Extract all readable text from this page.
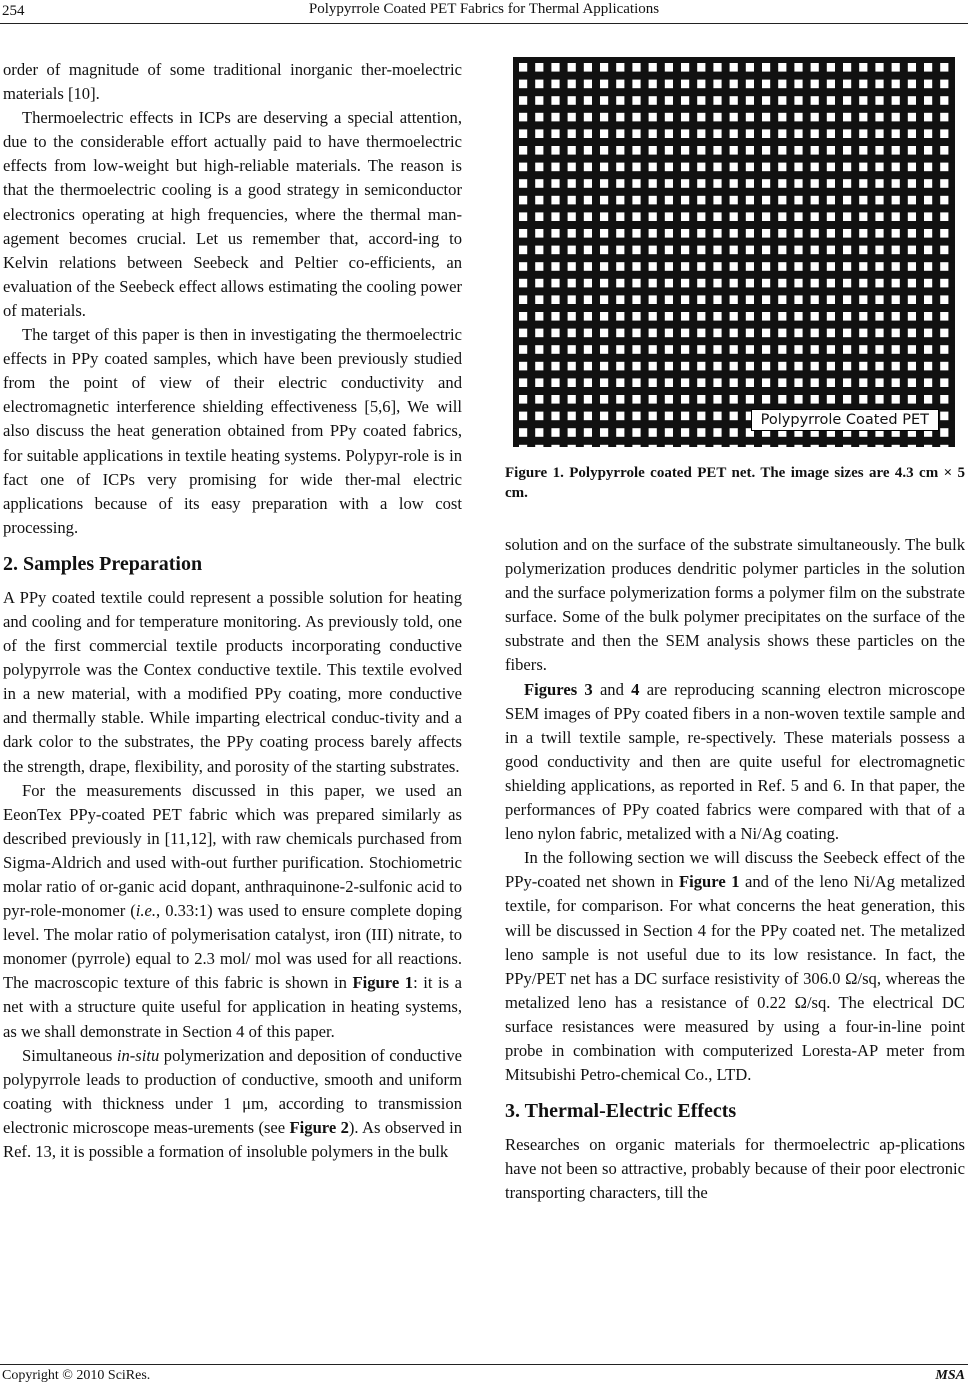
254	Polypyrrole Coated PET Fabrics for Thermal Applications

order of magnitude of some traditional inorganic ther-moelectric materials [10].

Thermoelectric effects in ICPs are deserving a special attention, due to the considerable effort actually paid to have thermoelectric effects from low-weight but high-reliable materials. The reason is that the thermoelectric cooling is a good strategy in semiconductor electronics operating at high frequencies, where the thermal man-agement becomes crucial. Let us remember that, accord-ing to Kelvin relations between Seebeck and Peltier co-efficients, an evaluation of the Seebeck effect allows estimating the cooling power of materials.

The target of this paper is then in investigating the thermoelectric effects in PPy coated samples, which have been previously studied from the point of view of their electric conductivity and electromagnetic interference shielding effectiveness [5,6], We will also discuss the heat generation obtained from PPy coated fabrics, for suitable applications in textile heating systems. Polypyr-role is in fact one of ICPs very promising for wide ther-mal electric applications because of its easy preparation with a low cost processing.

2. Samples Preparation

A PPy coated textile could represent a possible solution for heating and cooling and for temperature monitoring. As previously told, one of the first commercial textile products incorporating conductive polypyrrole was the Contex conductive textile. This textile evolved in a new material, with a modified PPy coating, more conductive and thermally stable. While imparting electrical conduc-tivity and a dark color to the substrates, the PPy coating process barely affects the strength, drape, flexibility, and porosity of the starting substrates.

For the measurements discussed in this paper, we used an EeonTex PPy-coated PET fabric which was prepared similarly as described previously in [11,12], with raw chemicals purchased from Sigma-Aldrich and used with-out further purification. Stochiometric molar ratio of or-ganic acid dopant, anthraquinone-2-sulfonic acid to pyr-role-monomer (i.e., 0.33:1) was used to ensure complete doping level. The molar ratio of polymerisation catalyst, iron (III) nitrate, to monomer (pyrrole) equal to 2.3 mol/ mol was used for all reactions. The macroscopic texture of this fabric is shown in Figure 1: it is a net with a structure quite useful for application in heating systems, as we shall demonstrate in Section 4 of this paper.

Simultaneous in-situ polymerization and deposition of conductive polypyrrole leads to production of conductive, smooth and uniform coating with thickness under 1 μm, according to transmission electronic microscope meas-urements (see Figure 2). As observed in Ref. 13, it is possible a formation of insoluble polymers in the bulk

Polypyrrole Coated PET
Figure 1. Polypyrrole coated PET net. The image sizes are 4.3 cm × 5 cm.

solution and on the surface of the substrate simultaneously. The bulk polymerization produces dendritic polymer particles in the solution and the surface polymerization forms a polymer film on the substrate surface. Some of the bulk polymer precipitates on the surface of the substrate and then the SEM analysis shows these particles on the fibers.

Figures 3 and 4 are reproducing scanning electron microscope SEM images of PPy coated fibers in a non-woven textile sample and in a twill textile sample, re-spectively. These materials possess a good conductivity and then are quite useful for electromagnetic shielding applications, as reported in Ref. 5 and 6. In that paper, the performances of PPy coated fabrics were compared with that of a leno nylon fabric, metalized with a Ni/Ag coating.

In the following section we will discuss the Seebeck effect of the PPy-coated net shown in Figure 1 and of the leno Ni/Ag metalized textile, for comparison. For what concerns the heat generation, this will be discussed in Section 4 for the PPy coated net. The metalized leno sample is not useful due to its low resistance. In fact, the PPy/PET net has a DC surface resistivity of 306.0 Ω/sq, whereas the metalized leno has a resistance of 0.22 Ω/sq. The electrical DC surface resistances were measured by using a four-in-line point probe in combination with computerized Loresta-AP meter from Mitsubishi Petro-chemical Co., LTD.

3. Thermal-Electric Effects

Researches on organic materials for thermoelectric ap-plications have not been so attractive, probably because of their poor electronic transporting characters, till the

Copyright © 2010 SciRes.	MSA
